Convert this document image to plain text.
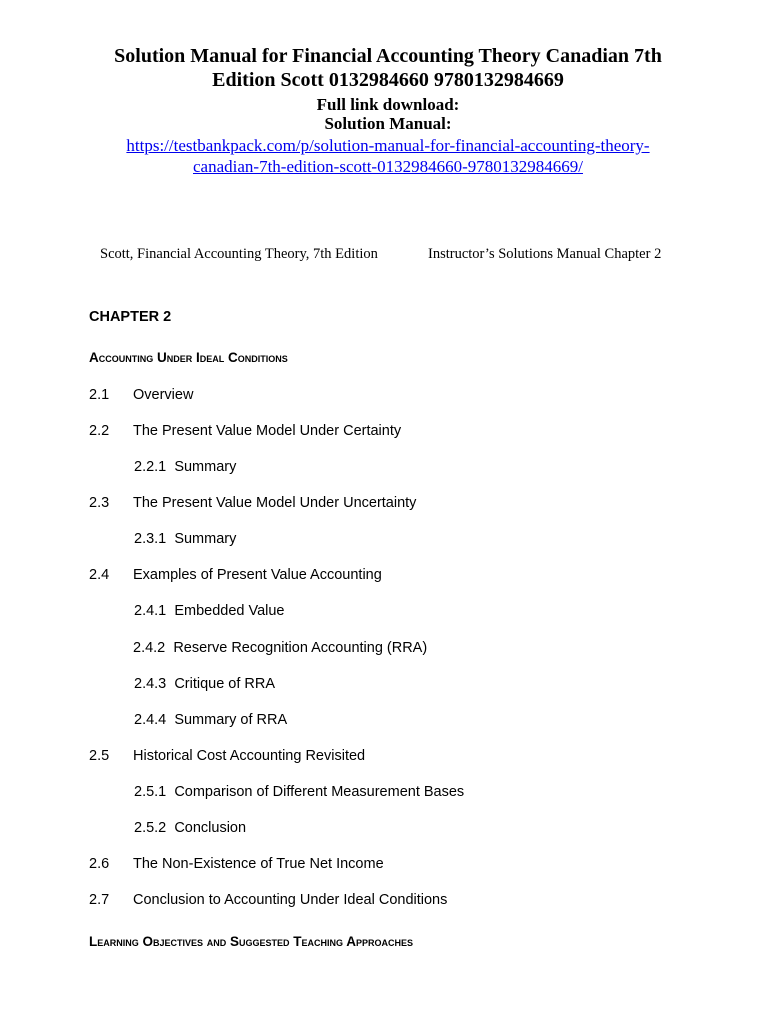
Solution Manual for Financial Accounting Theory Canadian 7th
Edition Scott 0132984660 9780132984669
Full link download:
Solution Manual:
https://testbankpack.com/p/solution-manual-for-financial-accounting-theory-
canadian-7th-edition-scott-0132984660-9780132984669/
Scott, Financial Accounting Theory, 7th Edition	Instructor’s Solutions Manual Chapter 2
CHAPTER 2
Accounting Under Ideal Conditions
2.1 Overview
2.2 The Present Value Model Under Certainty
2.2.1 Summary
2.3 The Present Value Model Under Uncertainty
2.3.1 Summary
2.4 Examples of Present Value Accounting
2.4.1 Embedded Value
2.4.2 Reserve Recognition Accounting (RRA)
2.4.3 Critique of RRA
2.4.4 Summary of RRA
2.5 Historical Cost Accounting Revisited
2.5.1 Comparison of Different Measurement Bases
2.5.2 Conclusion
2.6 The Non-Existence of True Net Income
2.7 Conclusion to Accounting Under Ideal Conditions
Learning Objectives and Suggested Teaching Approaches
